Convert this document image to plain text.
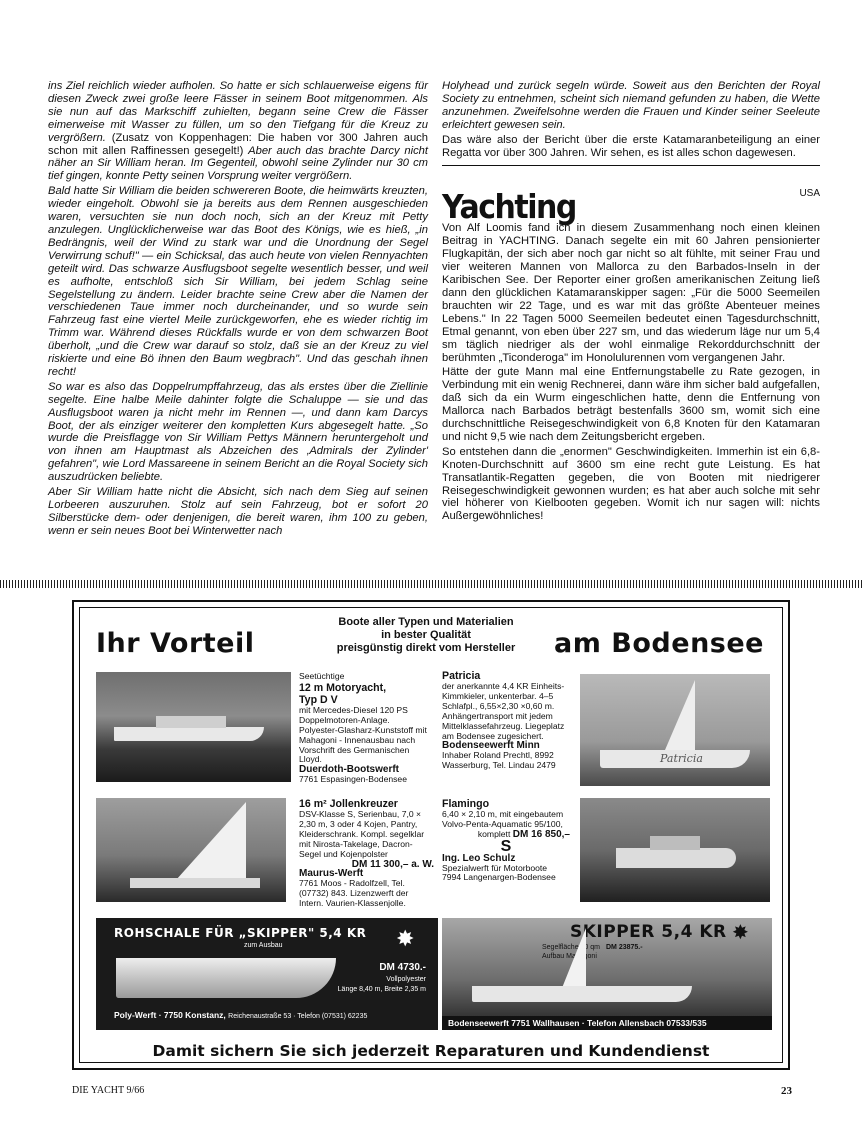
ins Ziel reichlich wieder aufholen. So hatte er sich schlauerweise eigens für diesen Zweck zwei große leere Fässer in seinem Boot mitgenommen. Als sie nun auf das Markschiff zuhielten, begann seine Crew die Fässer eimerweise mit Wasser zu füllen, um so den Tiefgang für die Kreuz zu vergrößern. (Zusatz von Koppenhagen: Die haben vor 300 Jahren auch schon mit allen Raffinessen gesegelt!) Aber auch das brachte Darcy nicht näher an Sir William heran. Im Gegenteil, obwohl seine Zylinder nur 30 cm tief gingen, konnte Petty seinen Vorsprung weiter vergrößern.

Bald hatte Sir William die beiden schwereren Boote, die heimwärts kreuzten, wieder eingeholt. Obwohl sie ja bereits aus dem Rennen ausgeschieden waren, versuchten sie nun doch noch, sich an der Kreuz mit Petty anzulegen. Unglücklicherweise war das Boot des Königs, wie es hieß, „in Bedrängnis, weil der Wind zu stark war und die Unordnung der Segel Verwirrung schuf!" — ein Schicksal, das auch heute von vielen Rennyachten geteilt wird. Das schwarze Ausflugsboot segelte wesentlich besser, und weil es aufholte, entschloß sich Sir William, bei jedem Schlag seine Segelstellung zu ändern. Leider brachte seine Crew aber die Namen der verschiedenen Taue immer noch durcheinander, und so wurde sein Fahrzeug fast eine vierteI Meile zurückgeworfen, ehe es wieder richtig im Trimm war. Während dieses Rückfalls wurde er von dem schwarzen Boot überholt, „und die Crew war darauf so stolz, daß sie an der Kreuz zu viel riskierte und eine Bö ihnen den Baum wegbrach". Und das geschah ihnen recht!

So war es also das Doppelrumpffahrzeug, das als erstes über die Ziellinie segelte. Eine halbe Meile dahinter folgte die Schaluppe — sie und das Ausflugsboot waren ja nicht mehr im Rennen —, und dann kam Darcys Boot, der als einziger weiterer den kompletten Kurs abgesegelt hatte. „So wurde die Preisflagge von Sir William Pettys Männern heruntergeholt und von ihnen am Hauptmast als Abzeichen des ‚Admirals der Zylinder' gefahren", wie Lord Massareene in seinem Bericht an die Royal Society sich auszudrücken beliebte.

Aber Sir William hatte nicht die Absicht, sich nach dem Sieg auf seinen Lorbeeren auszuruhen. Stolz auf sein Fahrzeug, bot er sofort 20 Silberstücke dem- oder denjenigen, die bereit waren, ihm 100 zu geben, wenn er sein neues Boot bei Winterwetter nach

Holyhead und zurück segeln würde. Soweit aus den Berichten der Royal Society zu entnehmen, scheint sich niemand gefunden zu haben, die Wette anzunehmen. Zweifelsohne werden die Frauen und Kinder seiner Seeleute erleichtert gewesen sein.

Das wäre also der Bericht über die erste Katamaranbeteiligung an einer Regatta vor über 300 Jahren. Wir sehen, es ist alles schon dagewesen.

Yachting	USA

Von Alf Loomis fand ich in diesem Zusammenhang noch einen kleinen Beitrag in YACHTING. Danach segelte ein mit 60 Jahren pensionierter Flugkapitän, der sich aber noch gar nicht so alt fühlte, mit seiner Frau und vier weiteren Mannen von Mallorca zu den Barbados-Inseln in der Karibischen See. Der Reporter einer großen amerikanischen Zeitung ließ dann den glücklichen Katamaranskipper sagen: „Für die 5000 Seemeilen brauchten wir 22 Tage, und es war mit das größte Abenteuer meines Lebens." In 22 Tagen 5000 Seemeilen bedeutet einen Tagesdurchschnitt, Etmal genannt, von eben über 227 sm, und das wiederum läge nur um 5,4 sm täglich niedriger als der wohl einmalige Rekorddurchschnitt der berühmten „Ticonderoga" im Honolulurennen vom vergangenen Jahr.

Hätte der gute Mann mal eine Entfernungstabelle zu Rate gezogen, in Verbindung mit ein wenig Rechnerei, dann wäre ihm sicher bald aufgefallen, daß sich da ein Wurm eingeschlichen hatte, denn die Entfernung von Mallorca nach Barbados beträgt bestenfalls 3600 sm, womit sich eine durchschnittliche Reisegeschwindigkeit von 6,8 Knoten für den Katamaran und nicht 9,5 wie nach dem Zeitungsbericht ergeben.

So entstehen dann die „enormen" Geschwindigkeiten. Immerhin ist ein 6,8-Knoten-Durchschnitt auf 3600 sm eine recht gute Leistung. Es hat Transatlantik-Regatten gegeben, die von Booten mit niedrigerer Reisegeschwindigkeit gewonnen wurden; es hat aber auch solche mit sehr viel höherer von Kielbooten gegeben. Womit ich nur sagen will: nichts Außergewöhnliches!

Ihr Vorteil
Boote aller Typen und Materialien
in bester Qualität
preisgünstig direkt vom Hersteller	am Bodensee
Seetüchtige
12 m Motoryacht,
Typ D V
mit Mercedes-Diesel 120 PS Doppelmotoren-Anlage. Polyester-Glasharz-Kunststoff mit Mahagoni - Innenausbau nach Vorschrift des Germanischen Lloyd.
Duerdoth-Bootswerft
7761 Espasingen-Bodensee
Patricia
der anerkannte 4,4 KR Einheits-Kimmkieler, unkenterbar. 4–5 Schlafpl., 6,55×2,30 ×0,60 m. Anhängertransport mit jedem Mittelklassefahrzeug. Liegeplatz am Bodensee zugesichert.
Bodenseewerft Minn
Inhaber Roland Prechtl, 8992 Wasserburg, Tel. Lindau 2479
Patricia
16 m² Jollenkreuzer
DSV-Klasse S, Serienbau, 7,0 × 2,30 m, 3 oder 4 Kojen, Pantry, Kleiderschrank. Kompl. segelklar mit Nirosta-Takelage, Dacron-Segel und Kojenpolster
DM 11 300,– a. W.
Maurus-Werft
7761 Moos - Radolfzell, Tel. (07732) 843. Lizenzwerft der Intern. Vaurien-Klassenjolle.
Flamingo
6,40 × 2,10 m, mit eingebautem Volvo-Penta-Aquamatic 95/100,
komplett DM 16 850,–
S
Ing. Leo Schulz
Spezialwerft für Motorboote
7994 Langenargen-Bodensee
ROHSCHALE FÜR „SKIPPER" 5,4 KR
zum Ausbau	✸
DM 4730.-
Vollpolyester
Länge 8,40 m, Breite 2,35 m
Poly-Werft · 7750 Konstanz, Reichenaustraße 53 · Telefon (07531) 62235
SKIPPER 5,4 KR ✸
Segelfläche 30 qm
Aufbau Mahagoni
DM 23875.-
Bodenseewerft 7751 Wallhausen · Telefon Allensbach 07533/535
Damit sichern Sie sich jederzeit Reparaturen und Kundendienst
DIE YACHT 9/66	23
